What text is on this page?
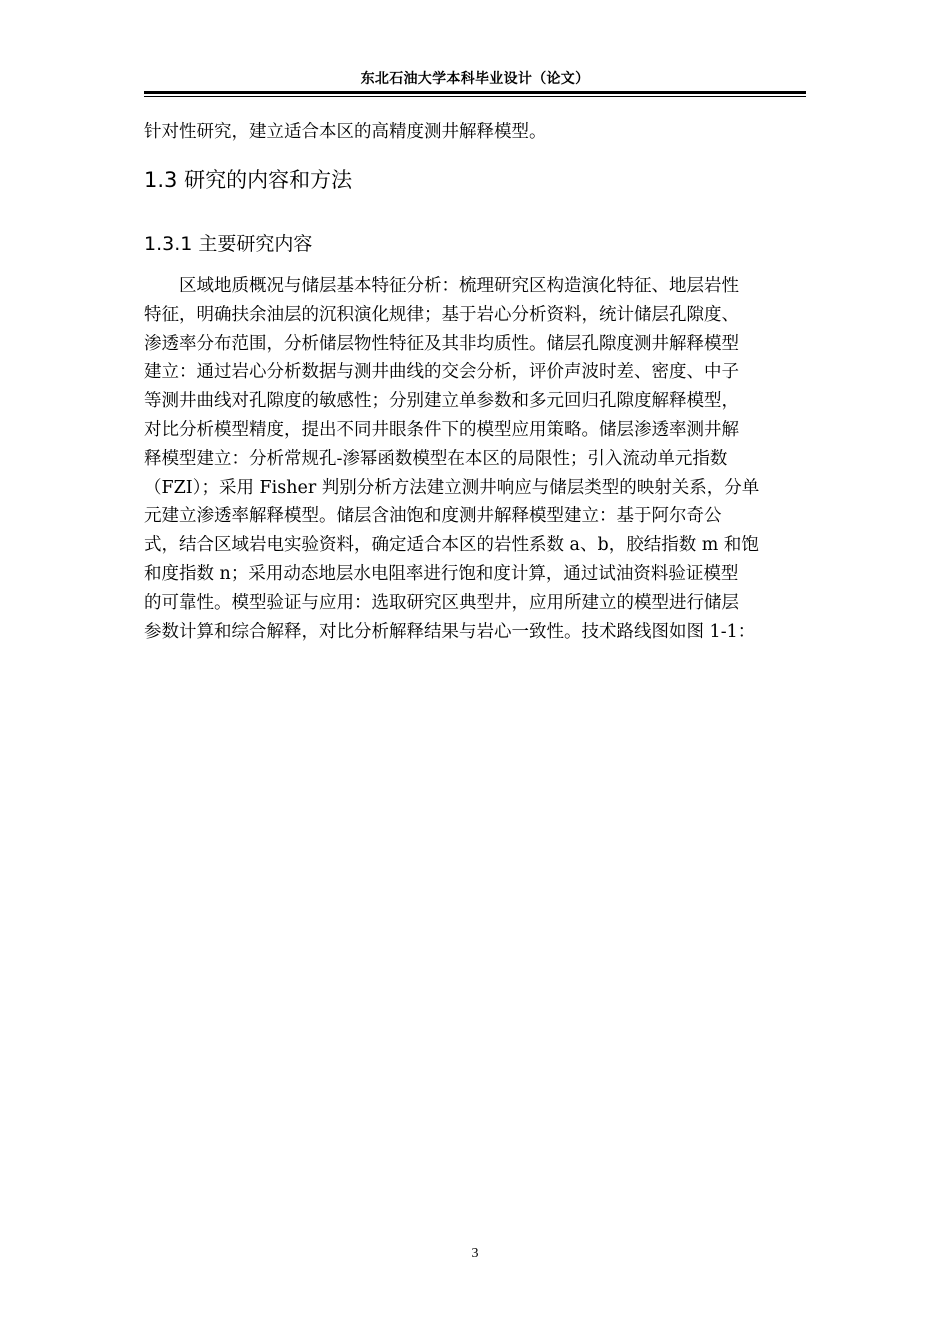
东北石油大学本科毕业设计（论文）
针对性研究，建立适合本区的高精度测井解释模型。
1.3 研究的内容和方法
1.3.1 主要研究内容
　　区域地质概况与储层基本特征分析：梳理研究区构造演化特征、地层岩性
特征，明确扶余油层的沉积演化规律；基于岩心分析资料，统计储层孔隙度、
渗透率分布范围，分析储层物性特征及其非均质性。储层孔隙度测井解释模型
建立：通过岩心分析数据与测井曲线的交会分析，评价声波时差、密度、中子
等测井曲线对孔隙度的敏感性；分别建立单参数和多元回归孔隙度解释模型，
对比分析模型精度，提出不同井眼条件下的模型应用策略。储层渗透率测井解
释模型建立：分析常规孔-渗幂函数模型在本区的局限性；引入流动单元指数
（FZI）；采用 Fisher 判别分析方法建立测井响应与储层类型的映射关系，分单
元建立渗透率解释模型。储层含油饱和度测井解释模型建立：基于阿尔奇公
式，结合区域岩电实验资料，确定适合本区的岩性系数 a、b，胶结指数 m 和饱
和度指数 n；采用动态地层水电阻率进行饱和度计算，通过试油资料验证模型
的可靠性。模型验证与应用：选取研究区典型井，应用所建立的模型进行储层
参数计算和综合解释，对比分析解释结果与岩心一致性。技术路线图如图 1-1：
3
